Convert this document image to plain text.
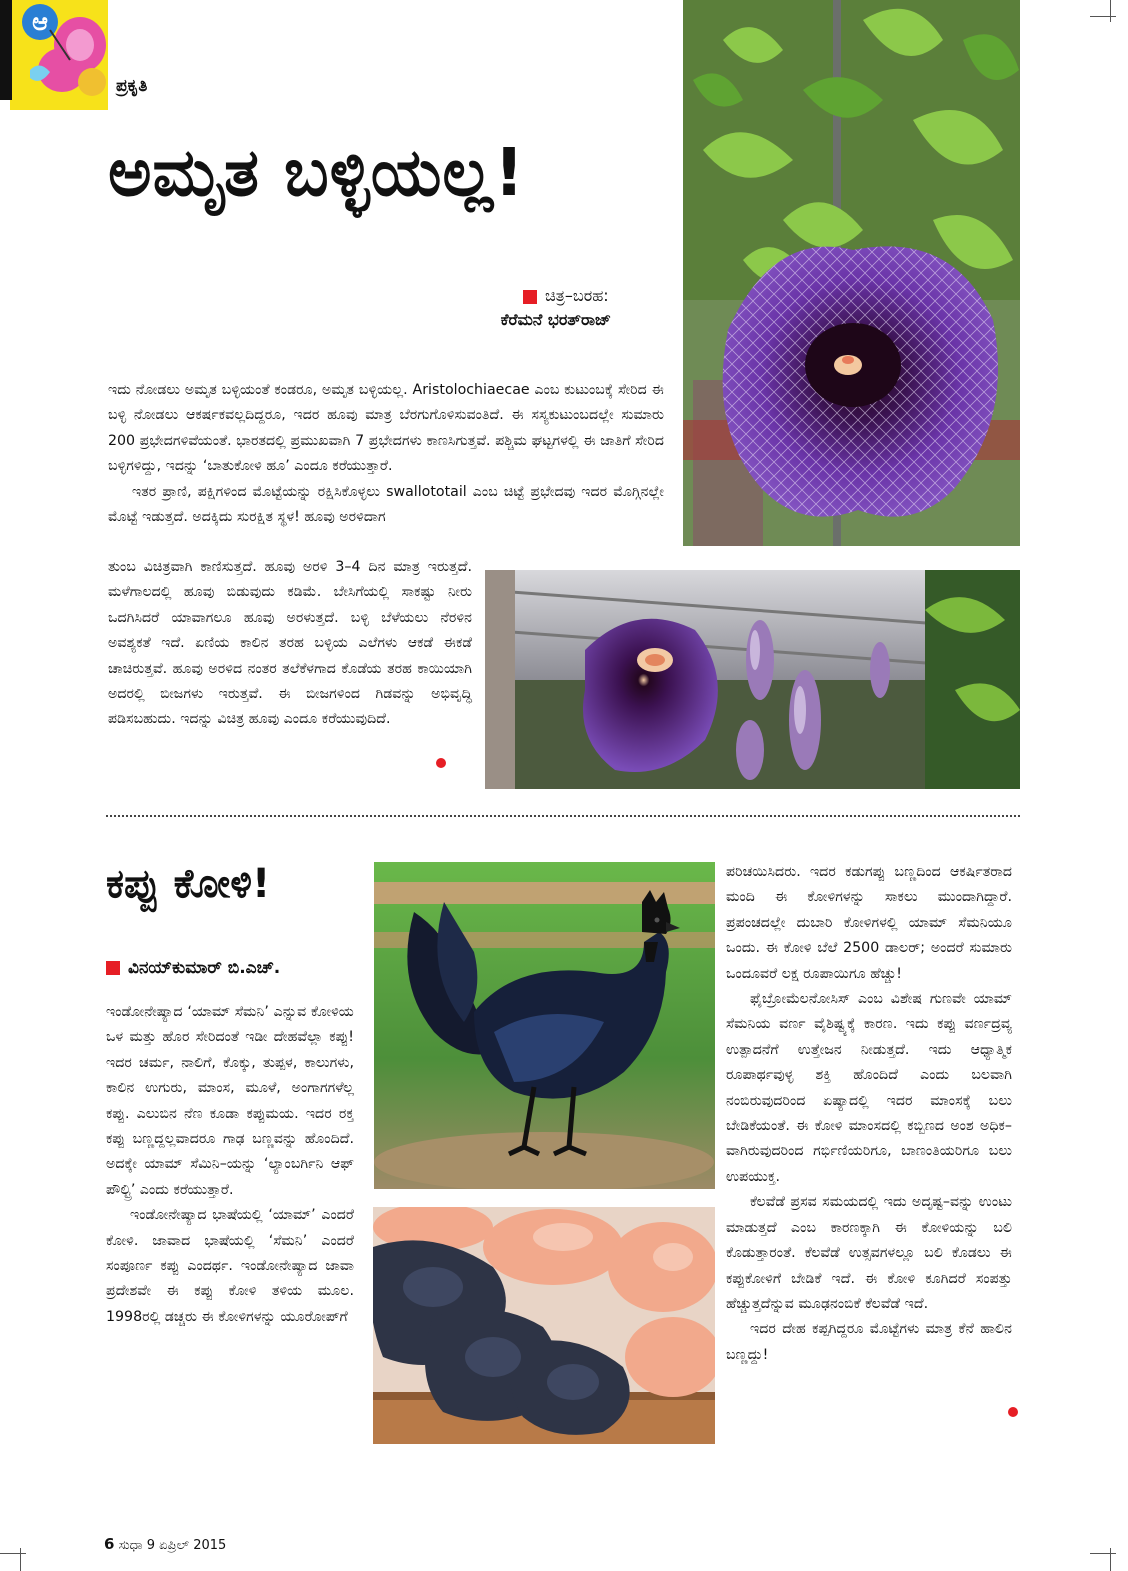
ಆ
ಪ್ರಕೃತಿ
ಅಮೃತ ಬಳ್ಳಿಯಲ್ಲ!
ಚಿತ್ರ–ಬರಹ:
ಕೆರೆಮನೆ ಭರತ್‌ರಾಜ್

ಇದು ನೋಡಲು ಅಮೃತ ಬಳ್ಳಿಯಂತೆ ಕಂಡರೂ, ಅಮೃತ ಬಳ್ಳಿಯಲ್ಲ. Aristolochiaecae ಎಂಬ ಕುಟುಂಬಕ್ಕೆ ಸೇರಿದ ಈ ಬಳ್ಳಿ ನೋಡಲು ಆಕರ್ಷಕವಲ್ಲದಿದ್ದರೂ, ಇದರ ಹೂವು ಮಾತ್ರ ಬೆರಗುಗೊಳಿಸುವಂತಿದೆ. ಈ ಸಸ್ಯಕುಟುಂಬದಲ್ಲೇ ಸುಮಾರು 200 ಪ್ರಭೇದಗಳಿವೆಯಂತೆ. ಭಾರತದಲ್ಲಿ ಪ್ರಮುಖವಾಗಿ 7 ಪ್ರಭೇದಗಳು ಕಾಣಸಿಗುತ್ತವೆ. ಪಶ್ಚಿಮ ಘಟ್ಟಗಳಲ್ಲಿ ಈ ಜಾತಿಗೆ ಸೇರಿದ ಬಳ್ಳಿಗಳಿದ್ದು, ಇದನ್ನು ‘ಬಾತುಕೋಳಿ ಹೂ’ ಎಂದೂ ಕರೆಯುತ್ತಾರೆ.

ಇತರ ಪ್ರಾಣಿ, ಪಕ್ಷಿಗಳಿಂದ ಮೊಟ್ಟೆಯನ್ನು ರಕ್ಷಿಸಿಕೊಳ್ಳಲು swallototail ಎಂಬ ಚಿಟ್ಟೆ ಪ್ರಭೇದವು ಇದರ ಮೊಗ್ಗಿನಲ್ಲೇ ಮೊಟ್ಟೆ ಇಡುತ್ತದೆ. ಅದಕ್ಕಿದು ಸುರಕ್ಷಿತ ಸ್ಥಳ! ಹೂವು ಅರಳಿದಾಗ

ತುಂಬ ವಿಚಿತ್ರವಾಗಿ ಕಾಣಿಸುತ್ತದೆ. ಹೂವು ಅರಳಿ 3–4 ದಿನ ಮಾತ್ರ ಇರುತ್ತದೆ. ಮಳೆಗಾಲದಲ್ಲಿ ಹೂವು ಬಿಡುವುದು ಕಡಿಮೆ. ಬೇಸಿಗೆಯಲ್ಲಿ ಸಾಕಷ್ಟು ನೀರು ಒದಗಿಸಿದರೆ ಯಾವಾಗಲೂ ಹೂವು ಅರಳುತ್ತದೆ. ಬಳ್ಳಿ ಬೆಳೆಯಲು ನೆರಳಿನ ಅವಶ್ಯಕತೆ ಇದೆ. ಏಣಿಯ ಕಾಲಿನ ತರಹ ಬಳ್ಳಿಯ ಎಲೆಗಳು ಆಕಡೆ ಈಕಡೆ ಚಾಚಿರುತ್ತವೆ. ಹೂವು ಅರಳಿದ ನಂತರ ತಲೆಕೆಳಗಾದ ಕೊಡೆಯ ತರಹ ಕಾಯಿಯಾಗಿ ಅದರಲ್ಲಿ ಬೀಜಗಳು ಇರುತ್ತವೆ. ಈ ಬೀಜಗಳಿಂದ ಗಿಡವನ್ನು ಅಭಿವೃದ್ಧಿ ಪಡಿಸಬಹುದು. ಇದನ್ನು ವಿಚಿತ್ರ ಹೂವು ಎಂದೂ ಕರೆಯುವುದಿದೆ.

ಕಪ್ಪು ಕೋಳಿ!
ವಿನಯ್‌ಕುಮಾರ್ ಬಿ.ಎಚ್.

ಇಂಡೋನೇಷ್ಯಾದ ‘ಯಾಮ್ ಸೆಮನಿ’ ಎನ್ನುವ ಕೋಳಿಯ ಒಳ ಮತ್ತು ಹೊರ ಸೇರಿದಂತೆ ಇಡೀ ದೇಹವೆಲ್ಲಾ ಕಪ್ಪು! ಇದರ ಚರ್ಮ, ನಾಲಿಗೆ, ಕೊಕ್ಕು, ತುಪ್ಪಳ, ಕಾಲುಗಳು, ಕಾಲಿನ ಉಗುರು, ಮಾಂಸ, ಮೂಳೆ, ಅಂಗಾಗಗಳೆಲ್ಲ ಕಪ್ಪು. ಎಲುಬಿನ ನೆಣ ಕೂಡಾ ಕಪ್ಪುಮಯ. ಇದರ ರಕ್ತ ಕಪ್ಪು ಬಣ್ಣದ್ದಲ್ಲವಾದರೂ ಗಾಢ ಬಣ್ಣವನ್ನು ಹೊಂದಿದೆ. ಅದಕ್ಕೇ ಯಾಮ್ ಸೆಮಿನಿ–ಯನ್ನು ‘ಲ್ಯಾಂಬರ್ಗಿನಿ ಆಫ್ ಪೌಲ್ಟ್ರಿ’ ಎಂದು ಕರೆಯುತ್ತಾರೆ.

ಇಂಡೋನೇಷ್ಯಾದ ಭಾಷೆಯಲ್ಲಿ ‘ಯಾಮ್’ ಎಂದರೆ ಕೋಳಿ. ಜಾವಾದ ಭಾಷೆಯಲ್ಲಿ ‘ಸೆಮನಿ’ ಎಂದರೆ ಸಂಪೂರ್ಣ ಕಪ್ಪು ಎಂದರ್ಥ. ಇಂಡೋನೇಷ್ಯಾದ ಜಾವಾ ಪ್ರದೇಶವೇ ಈ ಕಪ್ಪು ಕೋಳಿ ತಳಿಯ ಮೂಲ. 1998ರಲ್ಲಿ ಡಚ್ಚರು ಈ ಕೋಳಿಗಳನ್ನು ಯೂರೋಪ್‌ಗೆ

ಪರಿಚಯಿಸಿದರು. ಇದರ ಕಡುಗಪ್ಪು ಬಣ್ಣದಿಂದ ಆಕರ್ಷಿತರಾದ ಮಂದಿ ಈ ಕೋಳಿಗಳನ್ನು ಸಾಕಲು ಮುಂದಾಗಿದ್ದಾರೆ. ಪ್ರಪಂಚದಲ್ಲೇ ದುಬಾರಿ ಕೋಳಿಗಳಲ್ಲಿ ಯಾಮ್ ಸೆಮನಿಯೂ ಒಂದು. ಈ ಕೋಳಿ ಬೆಲೆ 2500 ಡಾಲರ್; ಅಂದರೆ ಸುಮಾರು ಒಂದೂವರೆ ಲಕ್ಷ ರೂಪಾಯಿಗೂ ಹೆಚ್ಚು!

ಫೈಬ್ರೋಮೆಲನೋಸಿಸ್ ಎಂಬ ವಿಶೇಷ ಗುಣವೇ ಯಾಮ್ ಸೆಮನಿಯ ವರ್ಣ ವೈಶಿಷ್ಟ್ಯಕ್ಕೆ ಕಾರಣ. ಇದು ಕಪ್ಪು ವರ್ಣದ್ರವ್ಯ ಉತ್ಪಾದನೆಗೆ ಉತ್ತೇಜನ ನೀಡುತ್ತದೆ. ಇದು ಆಧ್ಯಾತ್ಮಿಕ ರೂಪಾರ್ಥವುಳ್ಳ ಶಕ್ತಿ ಹೊಂದಿದೆ ಎಂದು ಬಲವಾಗಿ ನಂಬಿರುವುದರಿಂದ ಏಷ್ಯಾದಲ್ಲಿ ಇದರ ಮಾಂಸಕ್ಕೆ ಬಲು ಬೇಡಿಕೆಯಂತೆ. ಈ ಕೋಳಿ ಮಾಂಸದಲ್ಲಿ ಕಬ್ಬಿಣದ ಅಂಶ ಅಧಿಕ–ವಾಗಿರುವುದರಿಂದ ಗರ್ಭಿಣಿಯರಿಗೂ, ಬಾಣಂತಿಯರಿಗೂ ಬಲು ಉಪಯುಕ್ತ.

ಕೆಲವೆಡೆ ಪ್ರಸವ ಸಮಯದಲ್ಲಿ ಇದು ಅದೃಷ್ಟ–ವನ್ನು ಉಂಟು ಮಾಡುತ್ತದೆ ಎಂಬ ಕಾರಣಕ್ಕಾಗಿ ಈ ಕೋಳಿಯನ್ನು ಬಲಿ ಕೊಡುತ್ತಾರಂತೆ. ಕೆಲವೆಡೆ ಉತ್ಸವಗಳಲ್ಲೂ ಬಲಿ ಕೊಡಲು ಈ ಕಪ್ಪುಕೋಳಿಗೆ ಬೇಡಿಕೆ ಇದೆ. ಈ ಕೋಳಿ ಕೂಗಿದರೆ ಸಂಪತ್ತು ಹೆಚ್ಚುತ್ತದೆನ್ನುವ ಮೂಢನಂಬಿಕೆ ಕೆಲವೆಡೆ ಇದೆ.

ಇದರ ದೇಹ ಕಪ್ಪಗಿದ್ದರೂ ಮೊಟ್ಟೆಗಳು ಮಾತ್ರ ಕೆನೆ ಹಾಲಿನ ಬಣ್ಣದ್ದು!

6 ಸುಧಾ 9 ಏಪ್ರಿಲ್ 2015
